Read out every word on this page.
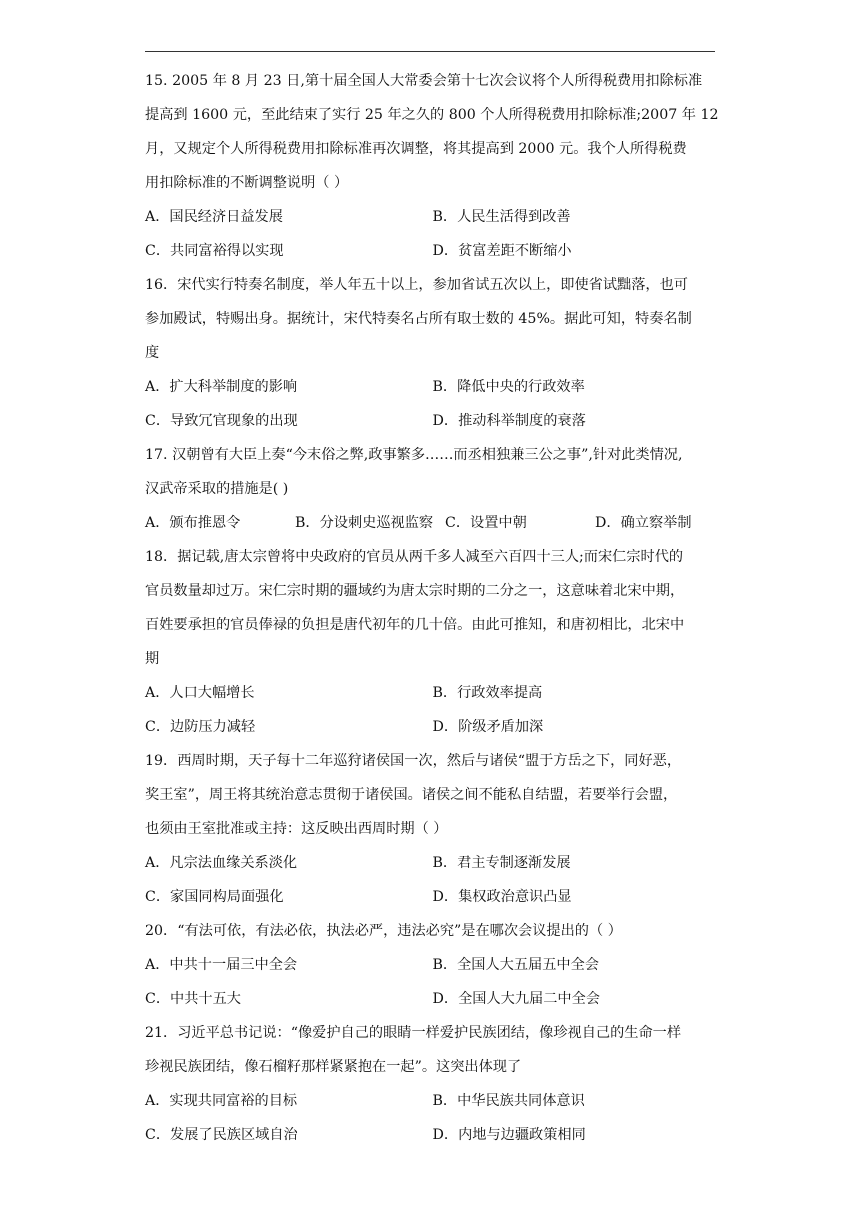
15. 2005 年 8 月 23 日,第十届全国人大常委会第十七次会议将个人所得税费用扣除标准
提高到 1600 元，至此结束了实行 25 年之久的 800 个人所得税费用扣除标准;2007 年 12
月，又规定个人所得税费用扣除标准再次调整，将其提高到 2000 元。我个人所得税费
用扣除标准的不断调整说明（ ）
A．国民经济日益发展	B．人民生活得到改善
C．共同富裕得以实现	D．贫富差距不断缩小
16．宋代实行特奏名制度，举人年五十以上，参加省试五次以上，即使省试黜落，也可
参加殿试，特赐出身。据统计，宋代特奏名占所有取士数的 45%。据此可知，特奏名制
度
A．扩大科举制度的影响	B．降低中央的行政效率
C．导致冗官现象的出现	D．推动科举制度的衰落
17. 汉朝曾有大臣上奏“今末俗之弊,政事繁多……而丞相独兼三公之事”,针对此类情况,
汉武帝采取的措施是( )
A．颁布推恩令	B．分设刺史巡视监察 C．设置中朝	D．确立察举制
18．据记载,唐太宗曾将中央政府的官员从两千多人减至六百四十三人;而宋仁宗时代的
官员数量却过万。宋仁宗时期的疆域约为唐太宗时期的二分之一，这意味着北宋中期，
百姓要承担的官员俸禄的负担是唐代初年的几十倍。由此可推知，和唐初相比，北宋中
期
A．人口大幅增长	B．行政效率提高
C．边防压力减轻	D．阶级矛盾加深
19．西周时期，天子每十二年巡狩诸侯国一次，然后与诸侯“盟于方岳之下，同好恶，
奖王室”，周王将其统治意志贯彻于诸侯国。诸侯之间不能私自结盟，若要举行会盟，
也须由王室批准或主持：这反映出西周时期（ ）
A．凡宗法血缘关系淡化	B．君主专制逐渐发展
C．家国同构局面强化	D．集权政治意识凸显
20．“有法可依，有法必依，执法必严，违法必究”是在哪次会议提出的（ ）
A．中共十一届三中全会	B．全国人大五届五中全会
C．中共十五大	D．全国人大九届二中全会
21．习近平总书记说：“像爱护自己的眼睛一样爱护民族团结，像珍视自己的生命一样
珍视民族团结，像石榴籽那样紧紧抱在一起”。这突出体现了
A．实现共同富裕的目标	B．中华民族共同体意识
C．发展了民族区域自治	D．内地与边疆政策相同
